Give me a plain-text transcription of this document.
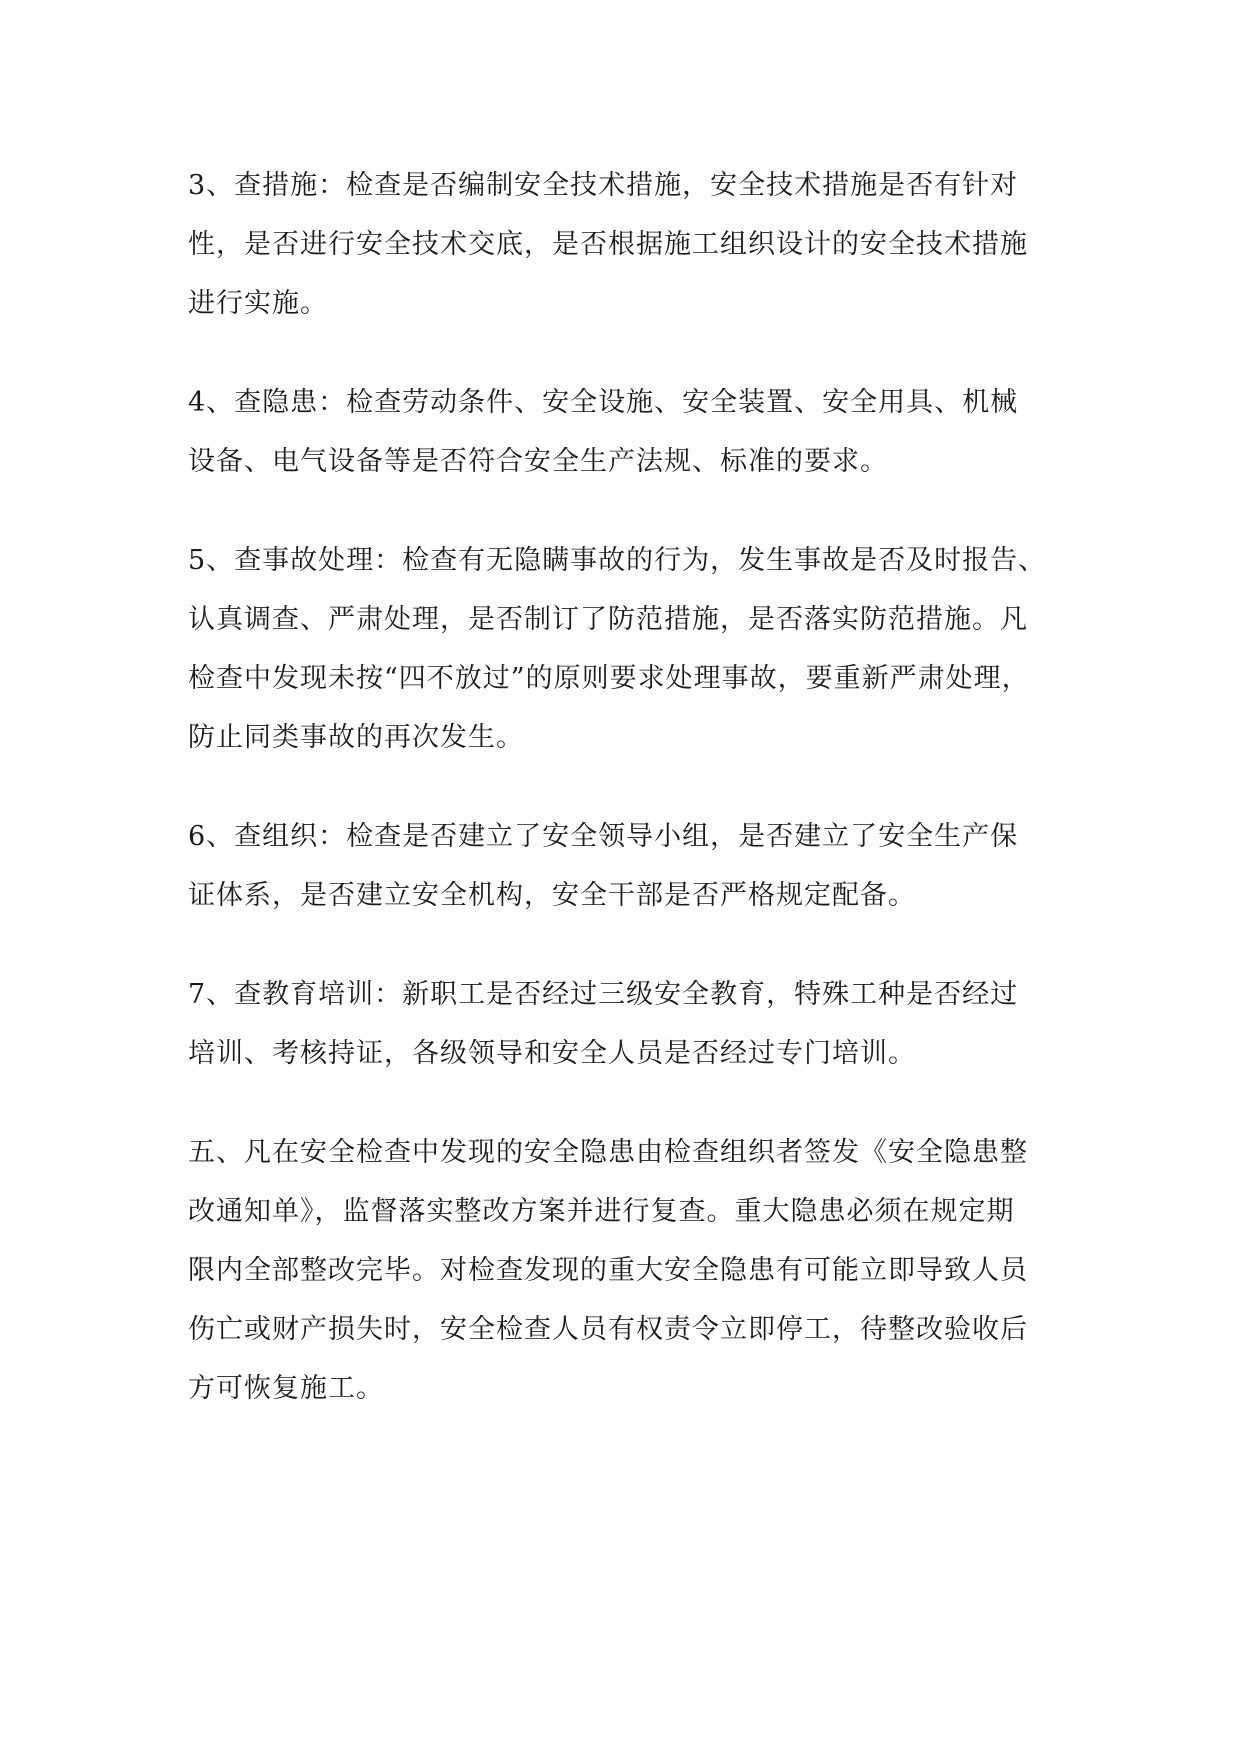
3、查措施：检查是否编制安全技术措施，安全技术措施是否有针对
性，是否进行安全技术交底，是否根据施工组织设计的安全技术措施
进行实施。
4、查隐患：检查劳动条件、安全设施、安全装置、安全用具、机械
设备、电气设备等是否符合安全生产法规、标准的要求。
5、查事故处理：检查有无隐瞒事故的行为，发生事故是否及时报告、
认真调查、严肃处理，是否制订了防范措施，是否落实防范措施。凡
检查中发现未按“四不放过”的原则要求处理事故，要重新严肃处理，
防止同类事故的再次发生。
6、查组织：检查是否建立了安全领导小组，是否建立了安全生产保
证体系，是否建立安全机构，安全干部是否严格规定配备。
7、查教育培训：新职工是否经过三级安全教育，特殊工种是否经过
培训、考核持证，各级领导和安全人员是否经过专门培训。
五、凡在安全检查中发现的安全隐患由检查组织者签发《安全隐患整
改通知单》，监督落实整改方案并进行复查。重大隐患必须在规定期
限内全部整改完毕。对检查发现的重大安全隐患有可能立即导致人员
伤亡或财产损失时，安全检查人员有权责令立即停工，待整改验收后
方可恢复施工。
